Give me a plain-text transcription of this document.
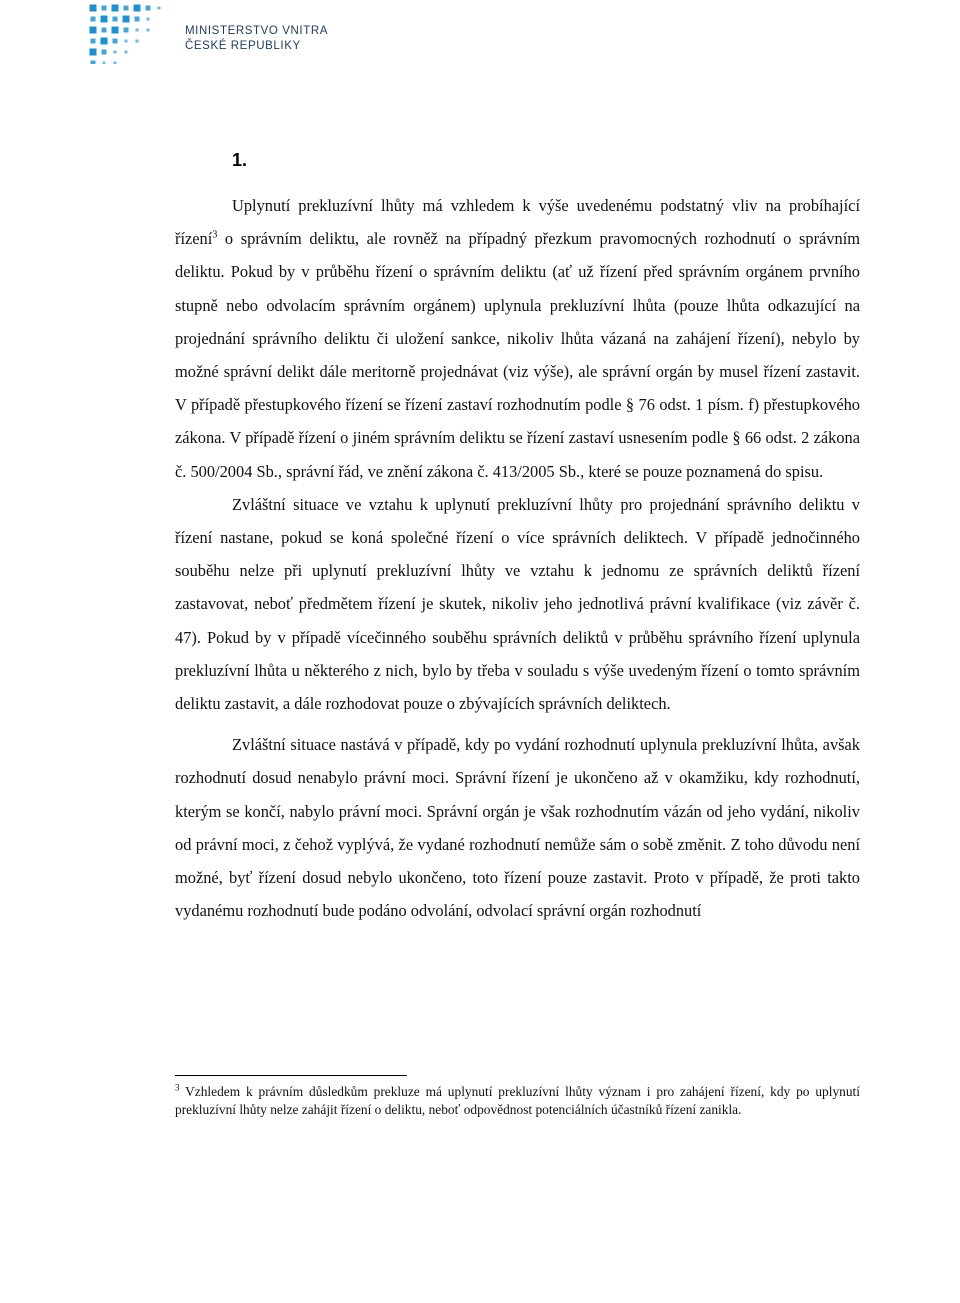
MINISTERSTVO VNITRA
ČESKÉ REPUBLIKY
1.

Uplynutí prekluzívní lhůty má vzhledem k výše uvedenému podstatný vliv na probíhající řízení$^3$ o správním deliktu, ale rovněž na případný přezkum pravomocných rozhodnutí o správním deliktu. Pokud by v průběhu řízení o správním deliktu (ať už řízení před správním orgánem prvního stupně nebo odvolacím správním orgánem) uplynula prekluzívní lhůta (pouze lhůta odkazující na projednání správního deliktu či uložení sankce, nikoliv lhůta vázaná na zahájení řízení), nebylo by možné správní delikt dále meritorně projednávat (viz výše), ale správní orgán by musel řízení zastavit. V případě přestupkového řízení se řízení zastaví rozhodnutím podle § 76 odst. 1 písm. f) přestupkového zákona. V případě řízení o jiném správním deliktu se řízení zastaví usnesením podle § 66 odst. 2 zákona č. 500/2004 Sb., správní řád, ve znění zákona č. 413/2005 Sb., které se pouze poznamená do spisu.

Zvláštní situace ve vztahu k uplynutí prekluzívní lhůty pro projednání správního deliktu v řízení nastane, pokud se koná společné řízení o více správních deliktech. V případě jednočinného souběhu nelze při uplynutí prekluzívní lhůty ve vztahu k jednomu ze správních deliktů řízení zastavovat, neboť předmětem řízení je skutek, nikoliv jeho jednotlivá právní kvalifikace (viz závěr č. 47). Pokud by v případě vícečinného souběhu správních deliktů v průběhu správního řízení uplynula prekluzívní lhůta u některého z nich, bylo by třeba v souladu s výše uvedeným řízení o tomto správním deliktu zastavit, a dále rozhodovat pouze o zbývajících správních deliktech.

Zvláštní situace nastává v případě, kdy po vydání rozhodnutí uplynula prekluzívní lhůta, avšak rozhodnutí dosud nenabylo právní moci. Správní řízení je ukončeno až v okamžiku, kdy rozhodnutí, kterým se končí, nabylo právní moci. Správní orgán je však rozhodnutím vázán od jeho vydání, nikoliv od právní moci, z čehož vyplývá, že vydané rozhodnutí nemůže sám o sobě změnit. Z toho důvodu není možné, byť řízení dosud nebylo ukončeno, toto řízení pouze zastavit. Proto v případě, že proti takto vydanému rozhodnutí bude podáno odvolání, odvolací správní orgán rozhodnutí

$^3$ Vzhledem k právním důsledkům prekluze má uplynutí prekluzívní lhůty význam i pro zahájení řízení, kdy po uplynutí prekluzívní lhůty nelze zahájit řízení o deliktu, neboť odpovědnost potenciálních účastníků řízení zanikla.
